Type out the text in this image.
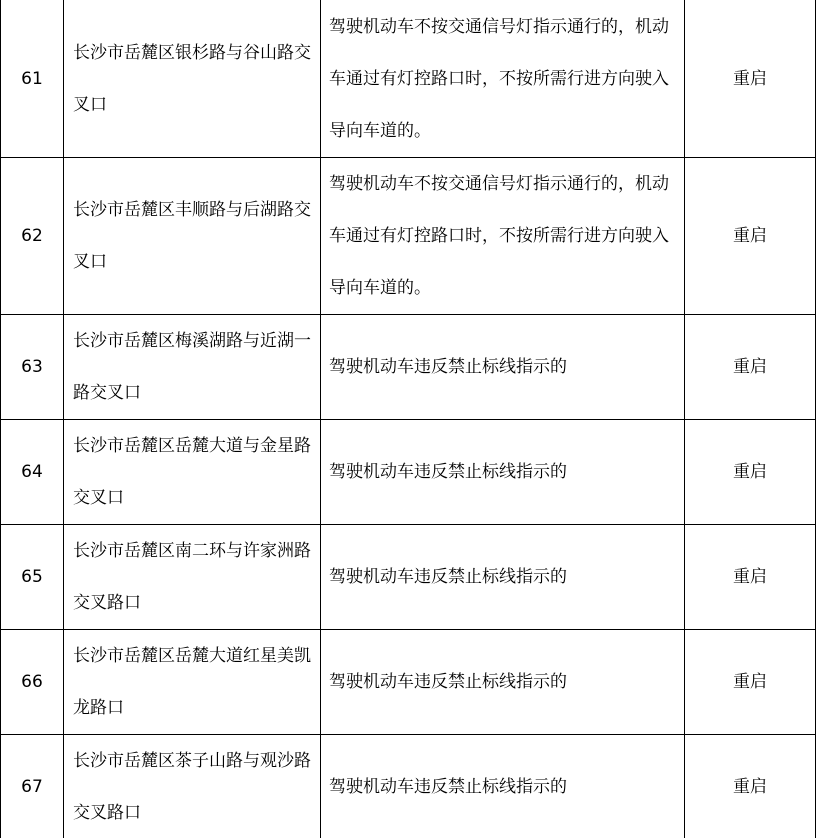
61	长沙市岳麓区银杉路与谷山路交叉口	驾驶机动车不按交通信号灯指示通行的，机动车通过有灯控路口时，不按所需行进方向驶入导向车道的。	重启

62	长沙市岳麓区丰顺路与后湖路交叉口	驾驶机动车不按交通信号灯指示通行的，机动车通过有灯控路口时，不按所需行进方向驶入导向车道的。	重启

63	长沙市岳麓区梅溪湖路与近湖一路交叉口	驾驶机动车违反禁止标线指示的	重启

64	长沙市岳麓区岳麓大道与金星路交叉口	驾驶机动车违反禁止标线指示的	重启

65	长沙市岳麓区南二环与许家洲路交叉路口	驾驶机动车违反禁止标线指示的	重启

66	长沙市岳麓区岳麓大道红星美凯龙路口	驾驶机动车违反禁止标线指示的	重启

67	长沙市岳麓区茶子山路与观沙路交叉路口	驾驶机动车违反禁止标线指示的	重启
